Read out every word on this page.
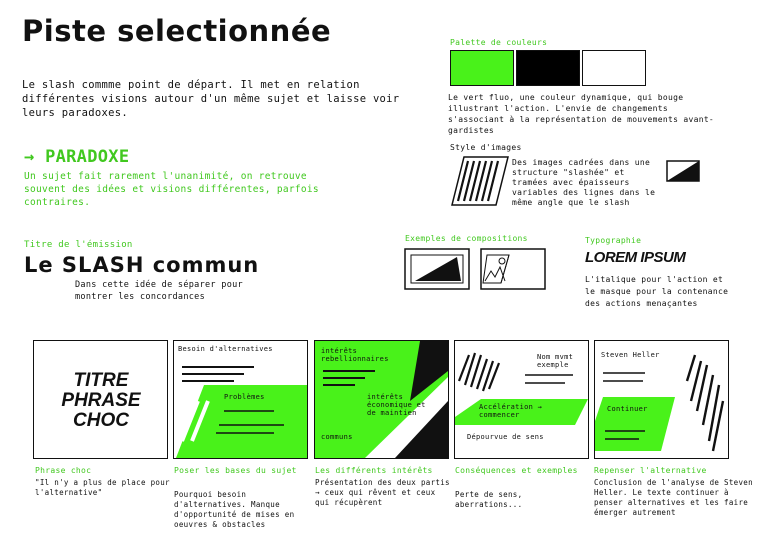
Piste selectionnée
Le slash commme point de départ. Il met en relation différentes visions autour d'un même sujet et laisse voir leurs paradoxes.
→ PARADOXE
Un sujet fait rarement l'unanimité, on retrouve souvent des idées et visions différentes, parfois contraires.
Titre de l'émission
Le SLASH commun
Dans cette idée de séparer pour montrer les concordances
Palette de couleurs
Le vert fluo, une couleur dynamique, qui bouge illustrant l'action. L'envie de changements s'associant à la représentation de mouvements avant-gardistes
Style d'images
Des images cadrées dans une structure "slashée" et tramées avec épaisseurs variables des lignes dans le même angle que le slash
Exemples de compositions	Typographie
LOREM IPSUM
L'italique pour l'action et le masque pour la contenance des actions menaçantes
TITRE
PHRASE
CHOC
Besoin d'alternatives
Problèmes
intérêts rebellionnaires
intérêts économique et de maintien
communs
Nom mvmt exemple
Accélération → commencer
Dépourvue de sens
Steven Heller
Continuer
Phrase choc
"Il n'y a plus de place pour l'alternative"
Poser les bases du sujet
Pourquoi besoin d'alternatives. Manque d'opportunité de mises en oeuvres & obstacles
Les différents intérêts
Présentation des deux partis → ceux qui rêvent et ceux qui récupèrent
Conséquences et exemples
Perte de sens, aberrations...
Repenser l'alternative
Conclusion de l'analyse de Steven Heller. Le texte continuer à penser alternatives et les faire émerger autrement
